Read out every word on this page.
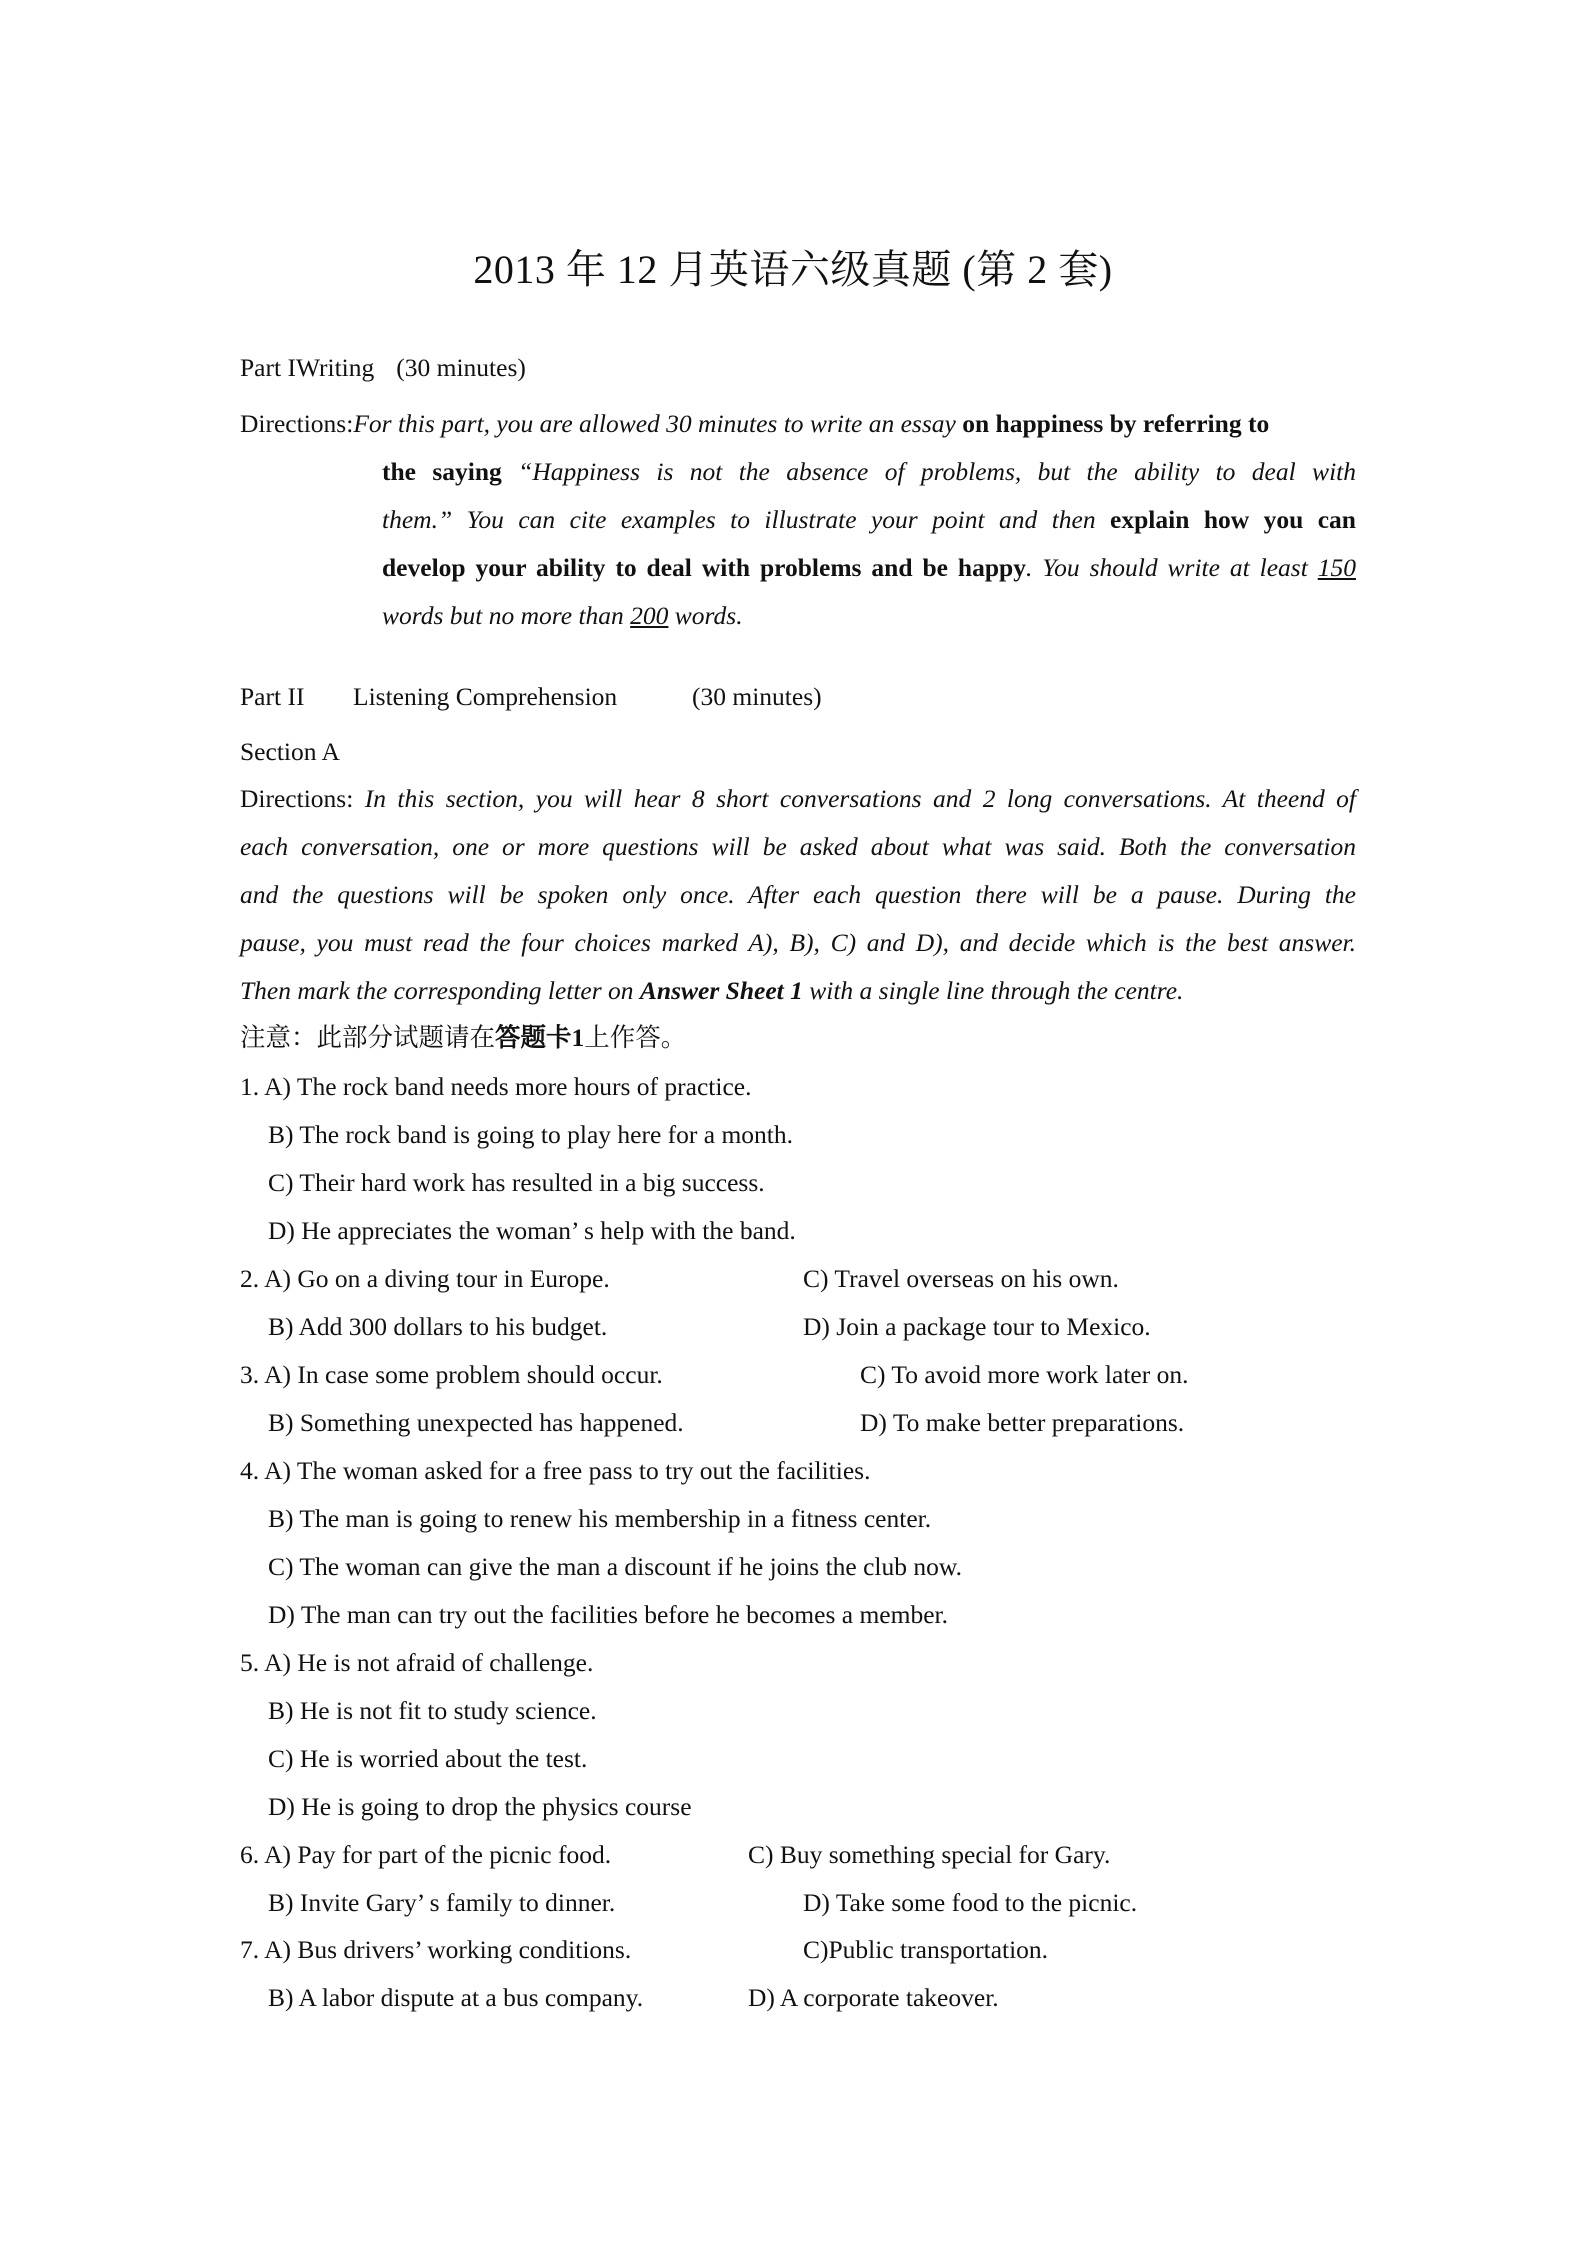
2013 年 12 月英语六级真题 (第 2 套)
Part IWriting (30 minutes)
Directions:For this part, you are allowed 30 minutes to write an essay on happiness by referring to
the saying “Happiness is not the absence of problems, but the ability to deal with
them.” You can cite examples to illustrate your point and then explain how you can
develop your ability to deal with problems and be happy. You should write at least 150
words but no more than 200 words.
Part II Listening Comprehension	(30 minutes)
Section A
Directions: In this section, you will hear 8 short conversations and 2 long conversations. At theend of
each conversation, one or more questions will be asked about what was said. Both the conversation
and the questions will be spoken only once. After each question there will be a pause. During the
pause, you must read the four choices marked A), B), C) and D), and decide which is the best answer.
Then mark the corresponding letter on Answer Sheet 1 with a single line through the centre.
注意：此部分试题请在答题卡1上作答。
1. A) The rock band needs more hours of practice.
B) The rock band is going to play here for a month.
C) Their hard work has resulted in a big success.
D) He appreciates the woman’ s help with the band.
2. A) Go on a diving tour in Europe.	C) Travel overseas on his own.
B) Add 300 dollars to his budget.	D) Join a package tour to Mexico.
3. A) In case some problem should occur.	C) To avoid more work later on.
B) Something unexpected has happened.	D) To make better preparations.
4. A) The woman asked for a free pass to try out the facilities.
B) The man is going to renew his membership in a fitness center.
C) The woman can give the man a discount if he joins the club now.
D) The man can try out the facilities before he becomes a member.
5. A) He is not afraid of challenge.
B) He is not fit to study science.
C) He is worried about the test.
D) He is going to drop the physics course
6. A) Pay for part of the picnic food.	C) Buy something special for Gary.
B) Invite Gary’ s family to dinner.	D) Take some food to the picnic.
7. A) Bus drivers’ working conditions.	C)Public transportation.
B) A labor dispute at a bus company.	D) A corporate takeover.
